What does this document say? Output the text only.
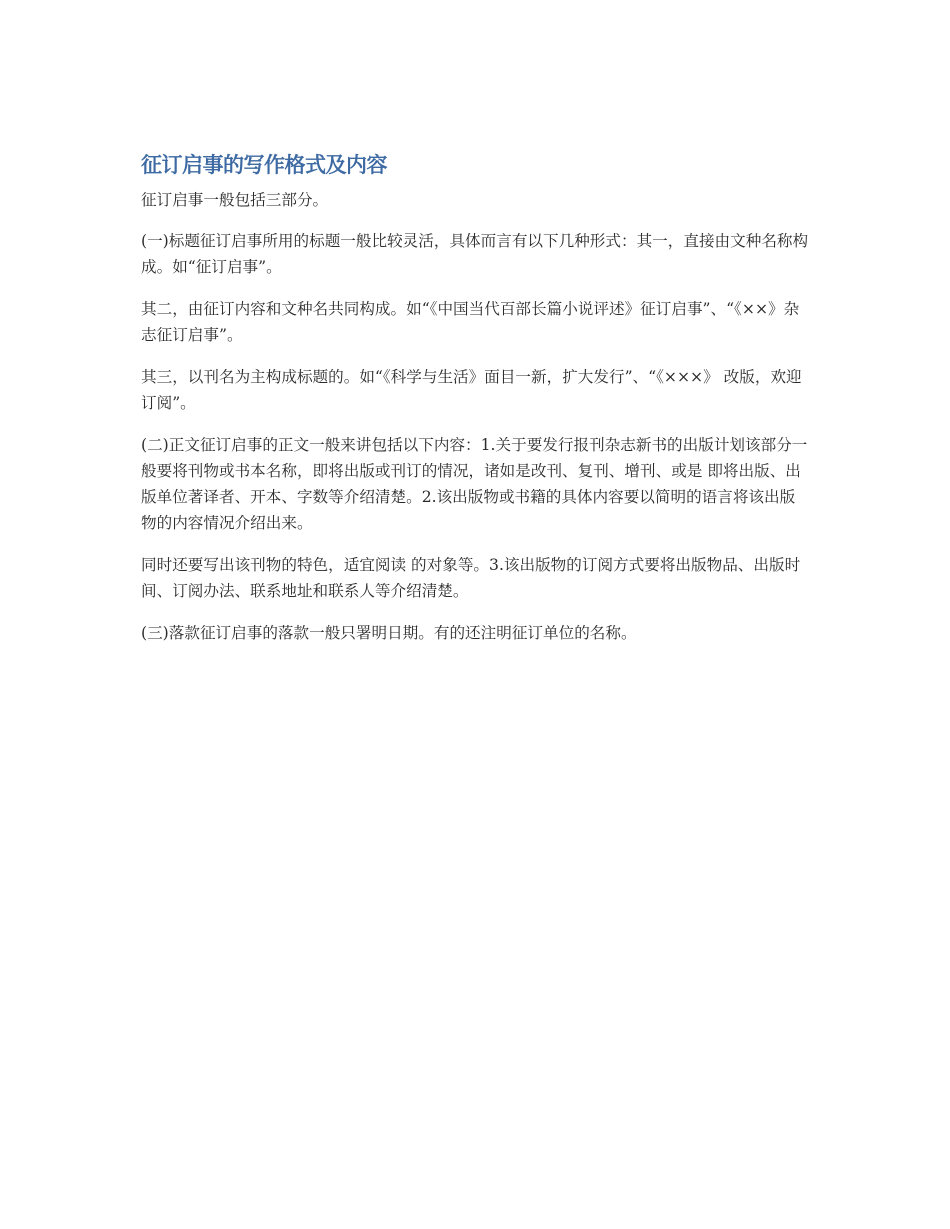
征订启事的写作格式及内容

征订启事一般包括三部分。

(一)标题征订启事所用的标题一般比较灵活，具体而言有以下几种形式：其一，直接由文种名称构成。如“征订启事”。

其二，由征订内容和文种名共同构成。如“《中国当代百部长篇小说评述》征订启事”、“《××》杂志征订启事”。

其三，以刊名为主构成标题的。如“《科学与生活》面目一新，扩大发行”、“《×××》 改版，欢迎订阅”。

(二)正文征订启事的正文一般来讲包括以下内容：1.关于要发行报刊杂志新书的出版计划该部分一般要将刊物或书本名称，即将出版或刊订的情况，诸如是改刊、复刊、增刊、或是 即将出版、出版单位著译者、开本、字数等介绍清楚。2.该出版物或书籍的具体内容要以简明的语言将该出版物的内容情况介绍出来。

同时还要写出该刊物的特色，适宜阅读 的对象等。3.该出版物的订阅方式要将出版物品、出版时间、订阅办法、联系地址和联系人等介绍清楚。

(三)落款征订启事的落款一般只署明日期。有的还注明征订单位的名称。
